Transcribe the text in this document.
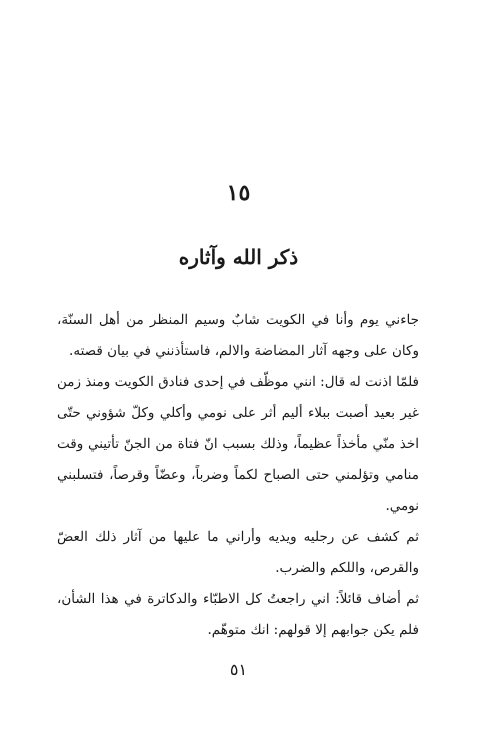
١٥
ذكر الله وآثاره

جاءني يوم وأنا في الكويت شابٌ وسيم المنظر من أهل السنّة، وكان على وجهه آثار المضاضة والالم، فاستأذنني في بيان قصته.

فلمّا اذنت له قال: انني موظّف في إحدى فنادق الكويت ومنذ زمن غير بعيد أصبت ببلاء أليم أثر على نومي وأكلي وكلّ شؤوني حتّى اخذ منّي مأخذاً عظيماً، وذلك بسبب انّ فتاة من الجنّ تأتيني وقت منامي وتؤلمني حتى الصباح لكماً وضرباً، وعضّاً وقرصاً، فتسلبني نومي.

ثم كشف عن رجليه ويديه وأراني ما عليها من آثار ذلك العضّ والقرص، واللكم والضرب.

ثم أضاف قائلاً: اني راجعتُ كل الاطبّاء والدكاترة في هذا الشأن، فلم يكن جوابهم إلا قولهم: انك متوهّم.

٥١
